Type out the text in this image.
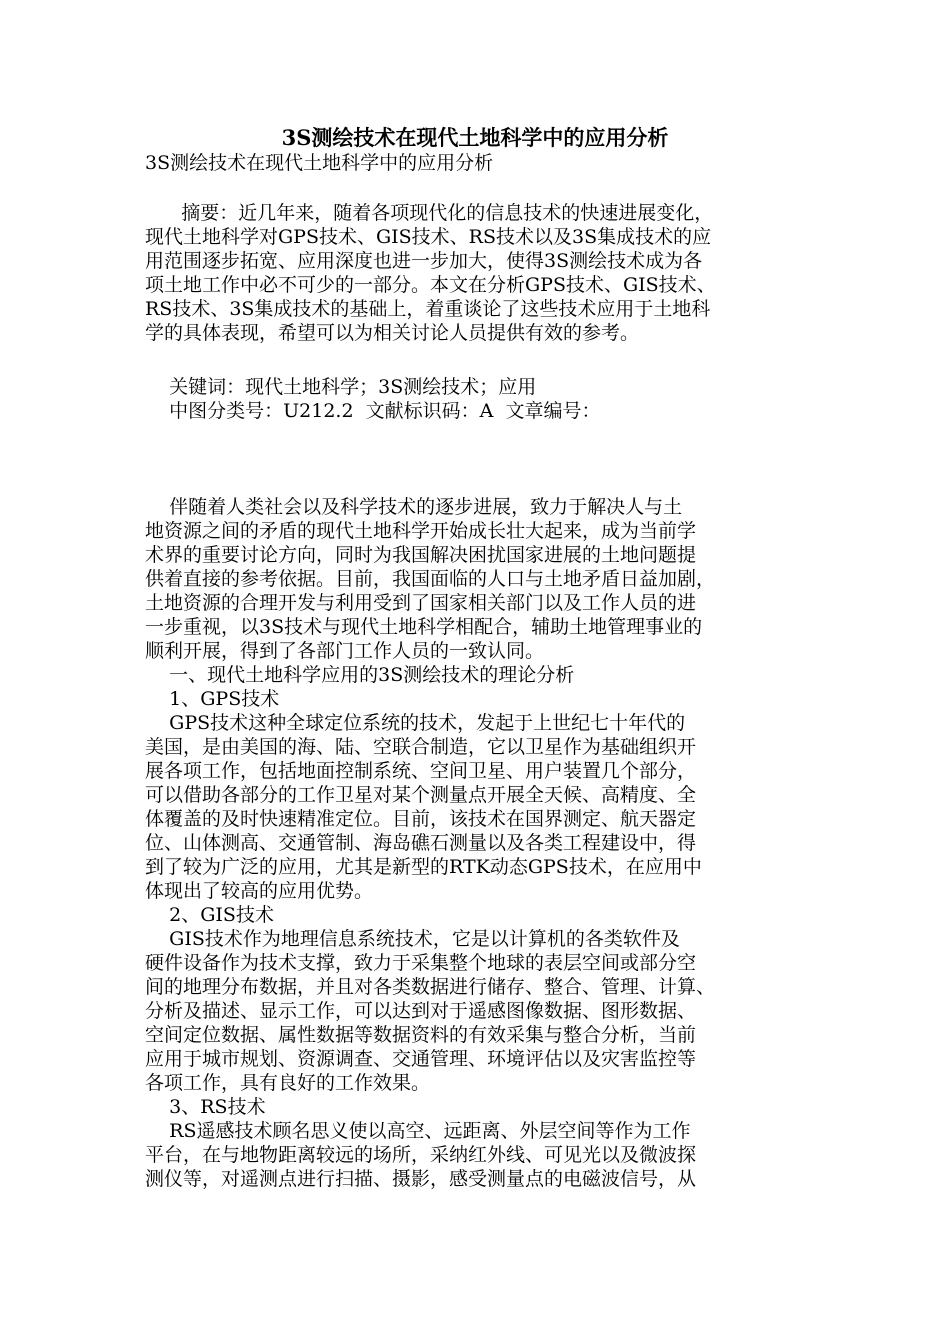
3S测绘技术在现代土地科学中的应用分析
3S测绘技术在现代土地科学中的应用分析
摘要：近几年来，随着各项现代化的信息技术的快速进展变化，
现代土地科学对GPS技术、GIS技术、RS技术以及3S集成技术的应
用范围逐步拓宽、应用深度也进一步加大，使得3S测绘技术成为各
项土地工作中必不可少的一部分。本文在分析GPS技术、GIS技术、
RS技术、3S集成技术的基础上，着重谈论了这些技术应用于土地科
学的具体表现，希望可以为相关讨论人员提供有效的参考。
关键词：现代土地科学；3S测绘技术；应用
中图分类号：U212.2  文献标识码：A  文章编号：
伴随着人类社会以及科学技术的逐步进展，致力于解决人与土
地资源之间的矛盾的现代土地科学开始成长壮大起来，成为当前学
术界的重要讨论方向，同时为我国解决困扰国家进展的土地问题提
供着直接的参考依据。目前，我国面临的人口与土地矛盾日益加剧，
土地资源的合理开发与利用受到了国家相关部门以及工作人员的进
一步重视，以3S技术与现代土地科学相配合，辅助土地管理事业的
顺利开展，得到了各部门工作人员的一致认同。
一、现代土地科学应用的3S测绘技术的理论分析
1、GPS技术
GPS技术这种全球定位系统的技术，发起于上世纪七十年代的
美国，是由美国的海、陆、空联合制造，它以卫星作为基础组织开
展各项工作，包括地面控制系统、空间卫星、用户装置几个部分，
可以借助各部分的工作卫星对某个测量点开展全天候、高精度、全
体覆盖的及时快速精准定位。目前，该技术在国界测定、航天器定
位、山体测高、交通管制、海岛礁石测量以及各类工程建设中，得
到了较为广泛的应用，尤其是新型的RTK动态GPS技术，在应用中
体现出了较高的应用优势。
2、GIS技术
GIS技术作为地理信息系统技术，它是以计算机的各类软件及
硬件设备作为技术支撑，致力于采集整个地球的表层空间或部分空
间的地理分布数据，并且对各类数据进行储存、整合、管理、计算、
分析及描述、显示工作，可以达到对于遥感图像数据、图形数据、
空间定位数据、属性数据等数据资料的有效采集与整合分析，当前
应用于城市规划、资源调查、交通管理、环境评估以及灾害监控等
各项工作，具有良好的工作效果。
3、RS技术
RS遥感技术顾名思义使以高空、远距离、外层空间等作为工作
平台，在与地物距离较远的场所，采纳红外线、可见光以及微波探
测仪等，对遥测点进行扫描、摄影，感受测量点的电磁波信号，从
